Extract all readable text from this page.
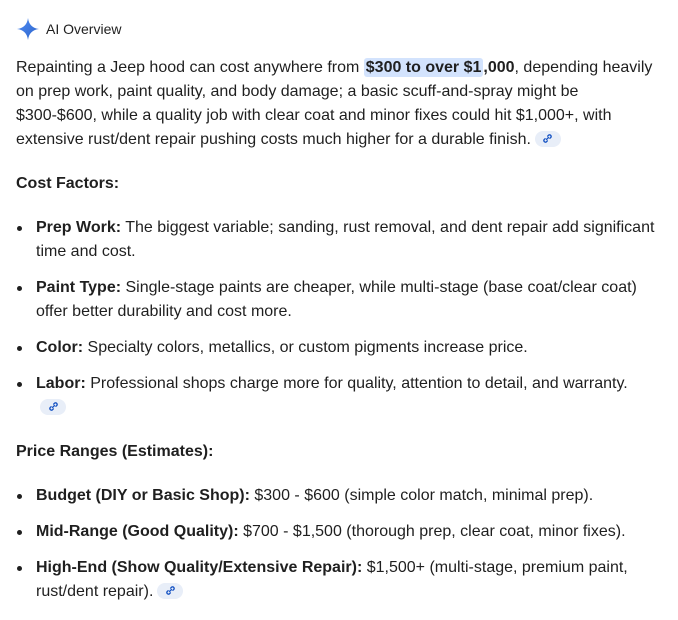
AI Overview

Repainting a Jeep hood can cost anywhere from $300 to over $1 ,000, depending heavily on prep work, paint quality, and body damage; a basic scuff-and-spray might be $300-$600, while a quality job with clear coat and minor fixes could hit $1,000+, with extensive rust/dent repair pushing costs much higher for a durable finish.

Cost Factors:
Prep Work: The biggest variable; sanding, rust removal, and dent repair add significant time and cost.
Paint Type: Single-stage paints are cheaper, while multi-stage (base coat/clear coat) offer better durability and cost more.
Color: Specialty colors, metallics, or custom pigments increase price.
Labor: Professional shops charge more for quality, attention to detail, and warranty.
Price Ranges (Estimates):
Budget (DIY or Basic Shop): $300 - $600 (simple color match, minimal prep).
Mid-Range (Good Quality): $700 - $1,500 (thorough prep, clear coat, minor fixes).
High-End (Show Quality/Extensive Repair): $1,500+ (multi-stage, premium paint, rust/dent repair).
